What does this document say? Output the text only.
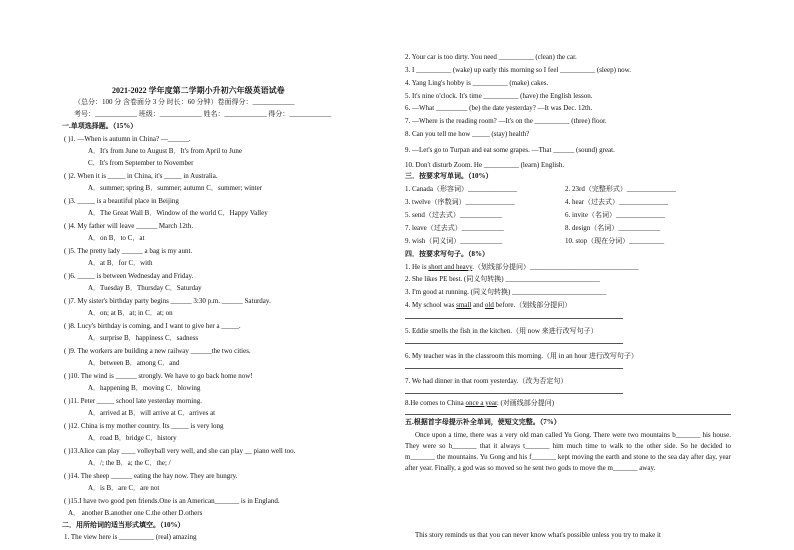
2021-2022 学年度第二学期小升初六年级英语试卷
（总分：100 分 含卷面分 3 分 时长：60 分钟）卷面得分：____________
考号：____________ 班级：____________ 姓名：____________ 得分：____________
一.单项选择题。（15%）
( )1. —When is autumn in China? —______.
A．It's from June to August B．It's from April to June
C．It's from September to November
( )2. When it is _____ in China, it's _____ in Australia.
A．summer; spring B．summer; autumn C．summer; winter
( )3. _____ is a beautiful place in Beijing
A．The Great Wall B．Window of the world C．Happy Valley
( )4. My father will leave ______ March 12th.
A．on B．to C．at
( )5. The pretty lady ______ a bag is my aunt.
A．at B．for C．with
( )6. _____ is between Wednesday and Friday.
A．Tuesday B．Thursday C．Saturday
( )7. My sister's birthday party begins ______ 3:30 p.m. ______ Saturday.
A．on; at B．at; in C．at; on
( )8. Lucy's birthday is coming, and I want to give her a _____.
A．surprise B．happiness C．sadness
( )9. The workers are building a new railway ______the two cities.
A．between B．among C．and
( )10. The wind is ______ strongly. We have to go back home now!
A．happening B．moving C．blowing
( )11. Peter _____ school late yesterday morning.
A．arrived at B．will arrive at C．arrives at
( )12. China is my mother country. Its _____ is very long
A．road B．bridge C．history
( )13.Alice can play ____ volleyball very well, and she can play __ piano well too.
A．/; the B．a; the C．the; /
( )14. The sheep ______ eating the hay now. They are hungry.
A．is B．are C．are not
( )15.I have two good pen friends.One is an American_______ is in England.
A． another B.another one C.the other D.others
二．用所给词的适当形式填空。（10%）
1. The view here is __________ (real) amazing
2. Your car is too dirty. You need __________ (clean) the car.
3. I __________ (wake) up early this morning so I feel __________ (sleep) now.
4. Yang Ling's hobby is __________ (make) cakes.
5. It's nine o'clock. It's time __________ (have) the English lesson.
6. —What _________ (be) the date yesterday? —It was Dec. 12th.
7. —Where is the reading room? —It's on the __________ (three) floor.
8. Can you tell me how _____ (stay) health?
9. —Let's go to Turpan and eat some grapes. —That ______ (sound) great.
10. Don't disturb Zoom. He __________ (learn) English.
三．按要求写单词。（10%）
1. Canada（形容词）______________	2. 23rd（完整形式）______________
3. twelve（序数词）______________	4. hear（过去式）______________
5. send（过去式）____________	6. invite（名词）______________
7. leave（过去式）____________	8. design（名词）____________
9. wish（同义词）____________	10. stop（现在分词）__________
四．按要求写句子。（8%）
1. He is short and heavy.（划线部分提问）_______________________________
2. She likes PE best. (同义句转换) ___________________________
3. I'm good at running. (同义句转换) ___________________________
4. My school was small and old before.（划线部分提问）
5. Eddie smells the fish in the kitchen.（用 now 来进行改写句子）
6. My teacher was in the classroom this morning.（用 in an hour 进行改写句子）
7. We had dinner in that room yesterday.（改为否定句）
8.He comes to China once a year. (对画线部分提问)
五.根据首字母提示补全单词，使短文完整。（7%）
Once upon a time, there was a very old man called Yu Gong. There were two mountains b_______ his house. They were so h_______ that it always t_______ him much time to walk to the other side. So he decided to m_______ the mountains. Yu Gong and his f_______ kept moving the earth and stone to the sea day after day, year after year. Finally, a god was so moved so he sent two gods to move the m_______ away.
This story reminds us that you can never know what's possible unless you try to make it
